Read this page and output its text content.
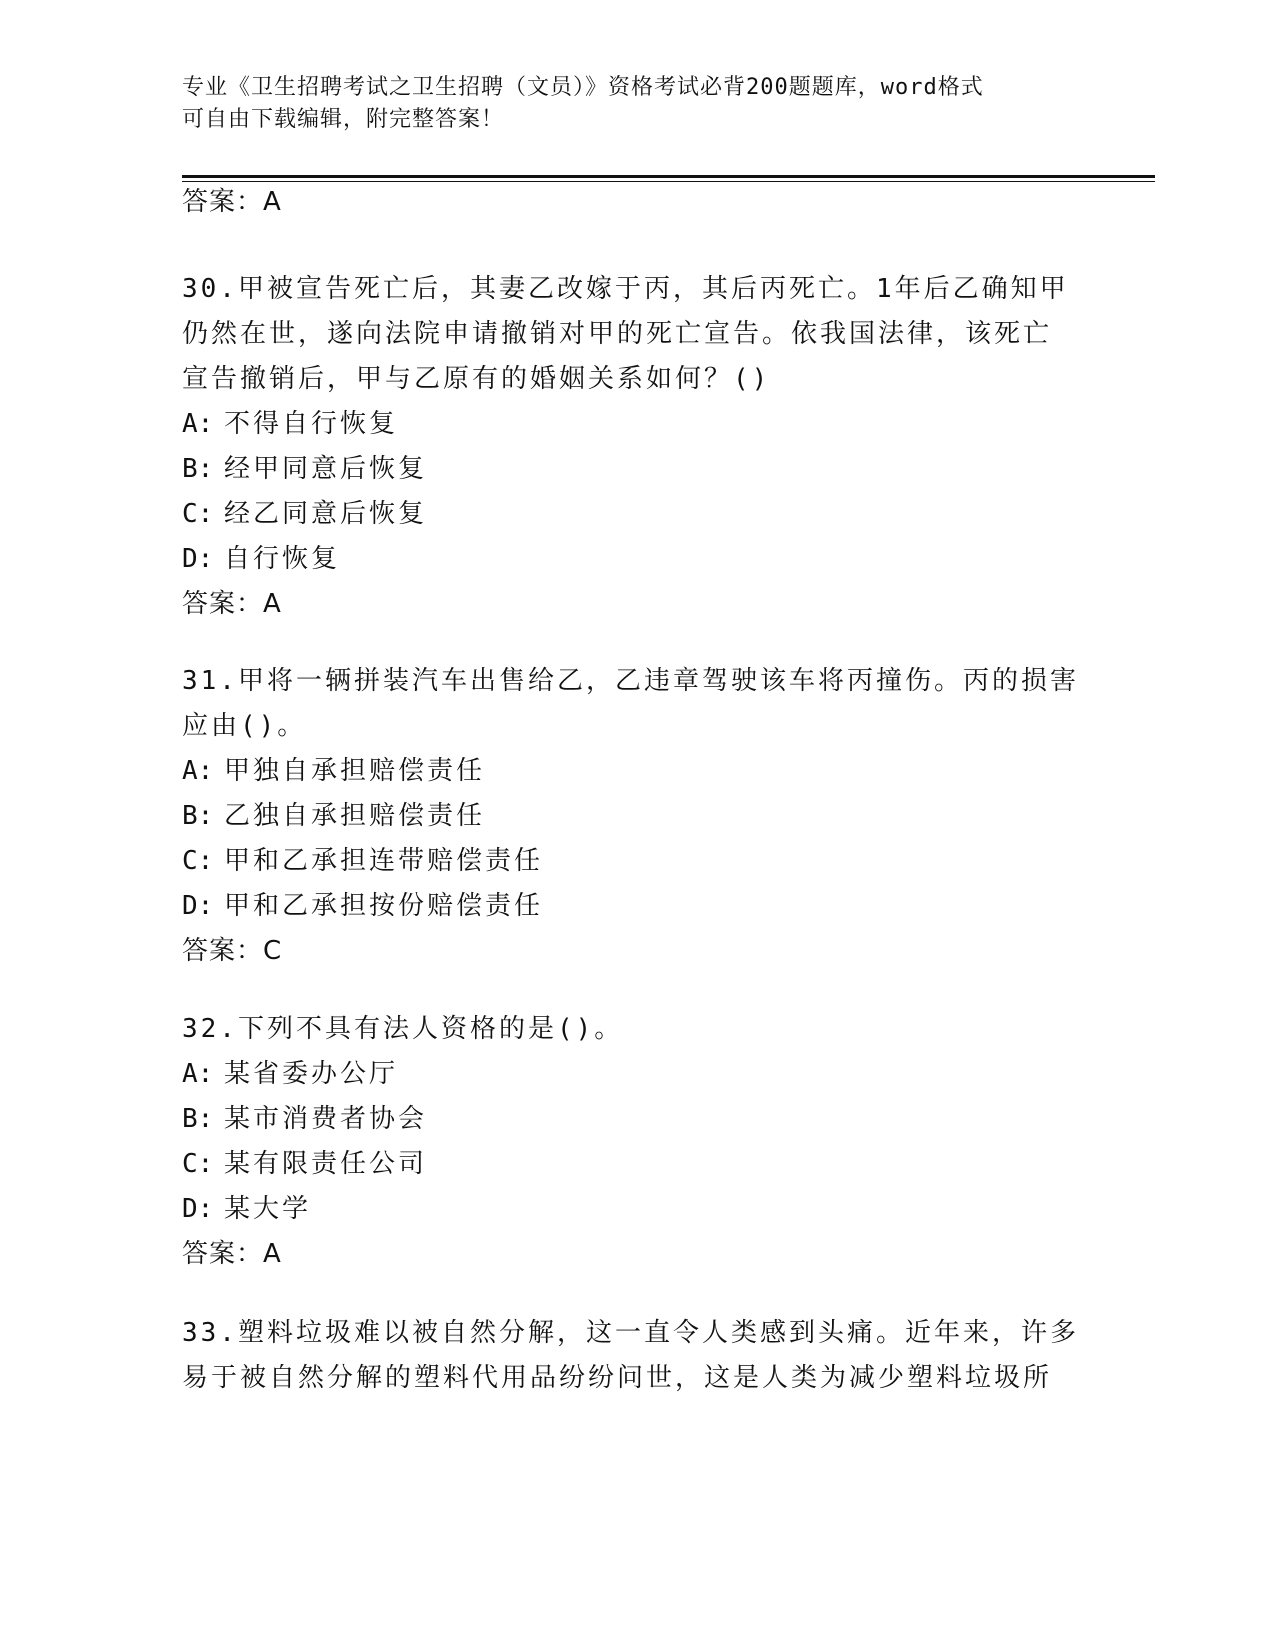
专业《卫生招聘考试之卫生招聘（文员）》资格考试必背200题题库，word格式
可自由下载编辑，附完整答案！
答案：A
30.甲被宣告死亡后，其妻乙改嫁于丙，其后丙死亡。1年后乙确知甲
仍然在世，遂向法院申请撤销对甲的死亡宣告。依我国法律，该死亡
宣告撤销后，甲与乙原有的婚姻关系如何？()
A: 不得自行恢复
B: 经甲同意后恢复
C: 经乙同意后恢复
D: 自行恢复
答案：A
31.甲将一辆拼装汽车出售给乙，乙违章驾驶该车将丙撞伤。丙的损害
应由()。
A: 甲独自承担赔偿责任
B: 乙独自承担赔偿责任
C: 甲和乙承担连带赔偿责任
D: 甲和乙承担按份赔偿责任
答案：C
32.下列不具有法人资格的是()。
A: 某省委办公厅
B: 某市消费者协会
C: 某有限责任公司
D: 某大学
答案：A
33.塑料垃圾难以被自然分解，这一直令人类感到头痛。近年来，许多
易于被自然分解的塑料代用品纷纷问世，这是人类为减少塑料垃圾所
